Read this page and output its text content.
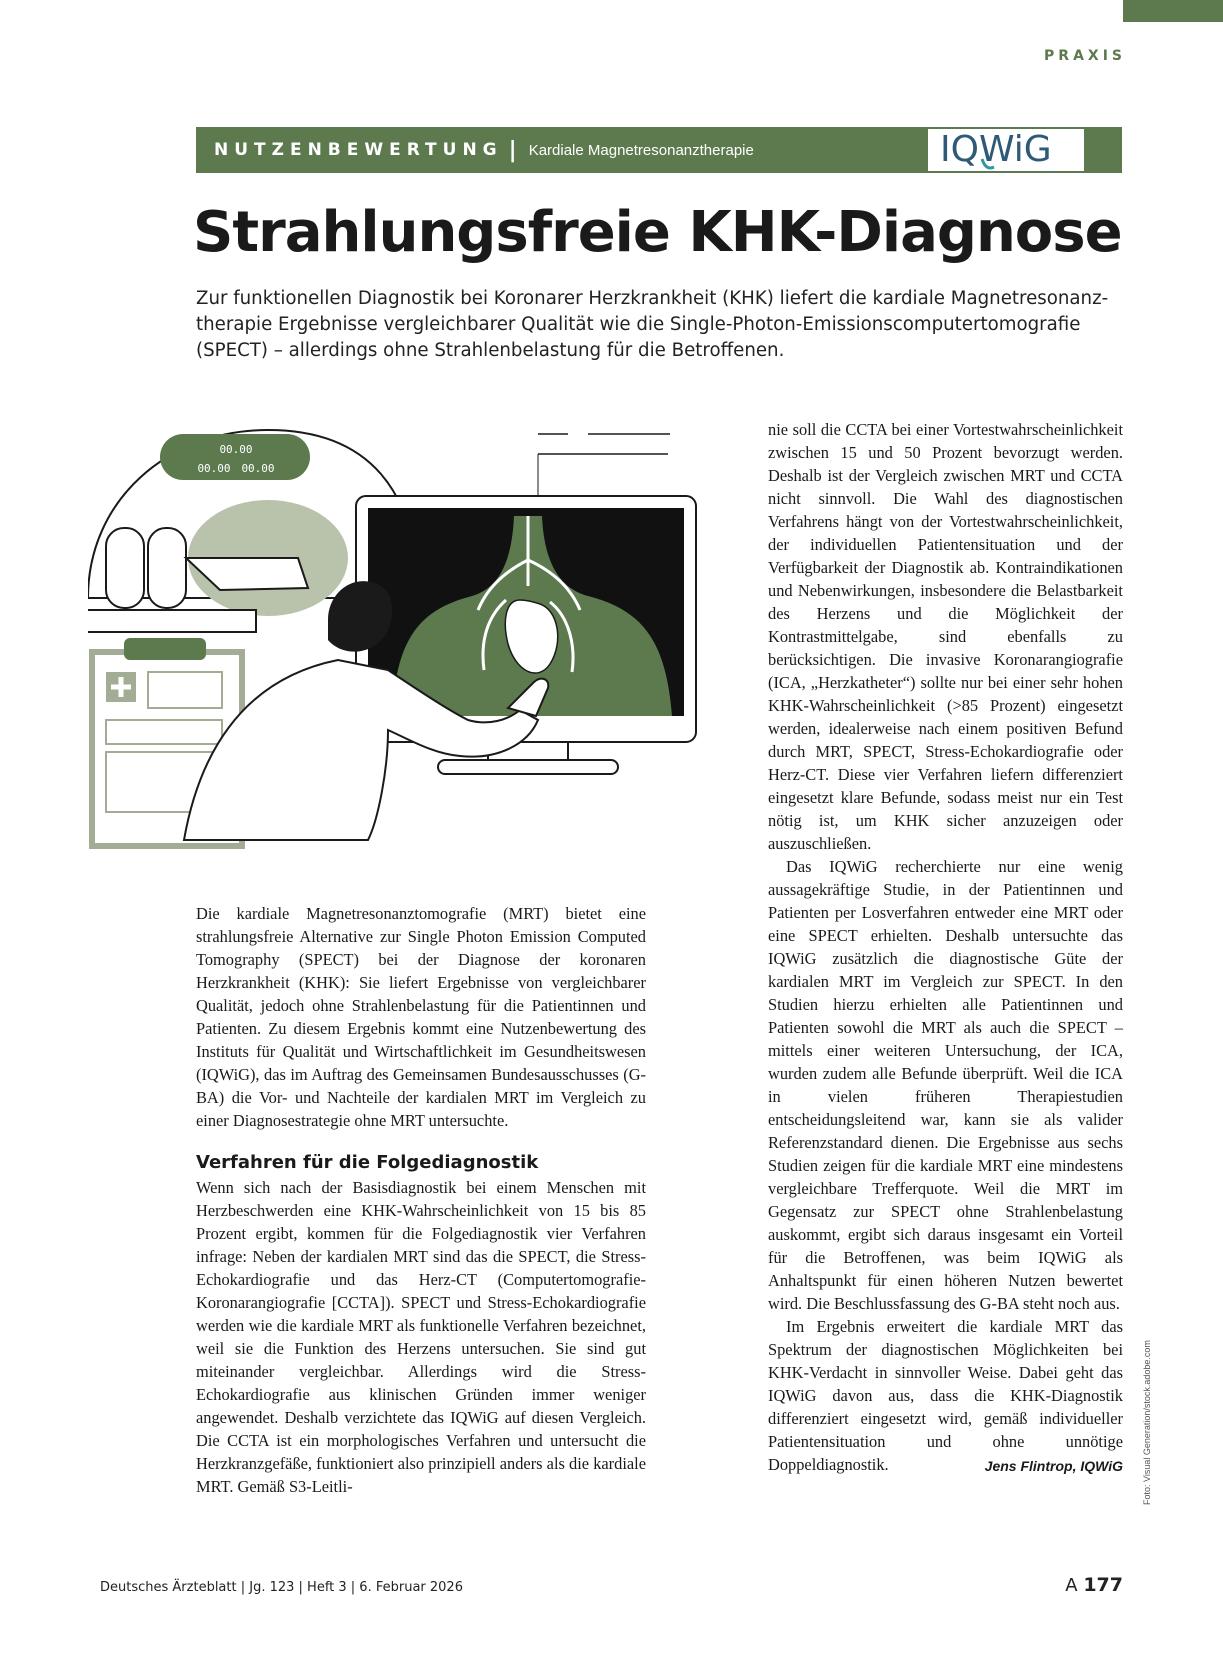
PRAXIS
NUTZENBEWERTUNG | Kardiale Magnetresonanztherapie	IQWiG
Strahlungsfreie KHK-Diagnose

Zur funktionellen Diagnostik bei Koronarer Herzkrankheit (KHK) liefert die kardiale Magnetresonanztherapie Ergebnisse vergleichbarer Qualität wie die Single-Photon-Emissionscomputertomografie (SPECT) – allerdings ohne Strahlenbelastung für die Betroffenen.

00.00
00.00 00.00

Die kardiale Magnetresonanztomografie (MRT) bietet eine strahlungsfreie Alternative zur Single Photon Emission Computed Tomography (SPECT) bei der Diagnose der koronaren Herzkrankheit (KHK): Sie liefert Ergebnisse von vergleichbarer Qualität, jedoch ohne Strahlenbelastung für die Patientinnen und Patienten. Zu diesem Ergebnis kommt eine Nutzenbewertung des Instituts für Qualität und Wirtschaftlichkeit im Gesundheitswesen (IQWiG), das im Auftrag des Gemeinsamen Bundesausschusses (G-BA) die Vor- und Nachteile der kardialen MRT im Vergleich zu einer Diagnosestrategie ohne MRT untersuchte.

Verfahren für die Folgediagnostik

Wenn sich nach der Basisdiagnostik bei einem Menschen mit Herzbeschwerden eine KHK-Wahrscheinlichkeit von 15 bis 85 Prozent ergibt, kommen für die Folgediagnostik vier Verfahren infrage: Neben der kardialen MRT sind das die SPECT, die Stress-Echokardiografie und das Herz-CT (Computertomografie-Koronarangiografie [CCTA]). SPECT und Stress-Echokardiografie werden wie die kardiale MRT als funktionelle Verfahren bezeichnet, weil sie die Funktion des Herzens untersuchen. Sie sind gut miteinander vergleichbar. Allerdings wird die Stress-Echokardiografie aus klinischen Gründen immer weniger angewendet. Deshalb verzichtete das IQWiG auf diesen Vergleich. Die CCTA ist ein morphologisches Verfahren und untersucht die Herzkranzgefäße, funktioniert also prinzipiell anders als die kardiale MRT. Gemäß S3-Leitli-

nie soll die CCTA bei einer Vortestwahrscheinlichkeit zwischen 15 und 50 Prozent bevorzugt werden. Deshalb ist der Vergleich zwischen MRT und CCTA nicht sinnvoll. Die Wahl des diagnostischen Verfahrens hängt von der Vortestwahrscheinlichkeit, der individuellen Patientensituation und der Verfügbarkeit der Diagnostik ab. Kontraindikationen und Nebenwirkungen, insbesondere die Belastbarkeit des Herzens und die Möglichkeit der Kontrastmittelgabe, sind ebenfalls zu berücksichtigen. Die invasive Koronarangiografie (ICA, „Herzkatheter“) sollte nur bei einer sehr hohen KHK-Wahrscheinlichkeit (>85 Prozent) eingesetzt werden, idealerweise nach einem positiven Befund durch MRT, SPECT, Stress-Echokardiografie oder Herz-CT. Diese vier Verfahren liefern differenziert eingesetzt klare Befunde, sodass meist nur ein Test nötig ist, um KHK sicher anzuzeigen oder auszuschließen.

Das IQWiG recherchierte nur eine wenig aussagekräftige Studie, in der Patientinnen und Patienten per Losverfahren entweder eine MRT oder eine SPECT erhielten. Deshalb untersuchte das IQWiG zusätzlich die diagnostische Güte der kardialen MRT im Vergleich zur SPECT. In den Studien hierzu erhielten alle Patientinnen und Patienten sowohl die MRT als auch die SPECT – mittels einer weiteren Untersuchung, der ICA, wurden zudem alle Befunde überprüft. Weil die ICA in vielen früheren Therapiestudien entscheidungsleitend war, kann sie als valider Referenzstandard dienen. Die Ergebnisse aus sechs Studien zeigen für die kardiale MRT eine mindestens vergleichbare Trefferquote. Weil die MRT im Gegensatz zur SPECT ohne Strahlenbelastung auskommt, ergibt sich daraus insgesamt ein Vorteil für die Betroffenen, was beim IQWiG als Anhaltspunkt für einen höheren Nutzen bewertet wird. Die Beschlussfassung des G-BA steht noch aus.

Im Ergebnis erweitert die kardiale MRT das Spektrum der diagnostischen Möglichkeiten bei KHK-Verdacht in sinnvoller Weise. Dabei geht das IQWiG davon aus, dass die KHK-Diagnostik differenziert eingesetzt wird, gemäß individueller Patientensituation und ohne unnötige Doppeldiagnostik.	Jens Flintrop, IQWiG Foto: Visual Generation/stock.adobe.com
Deutsches Ärzteblatt | Jg. 123 | Heft 3 | 6. Februar 2026	A 177
